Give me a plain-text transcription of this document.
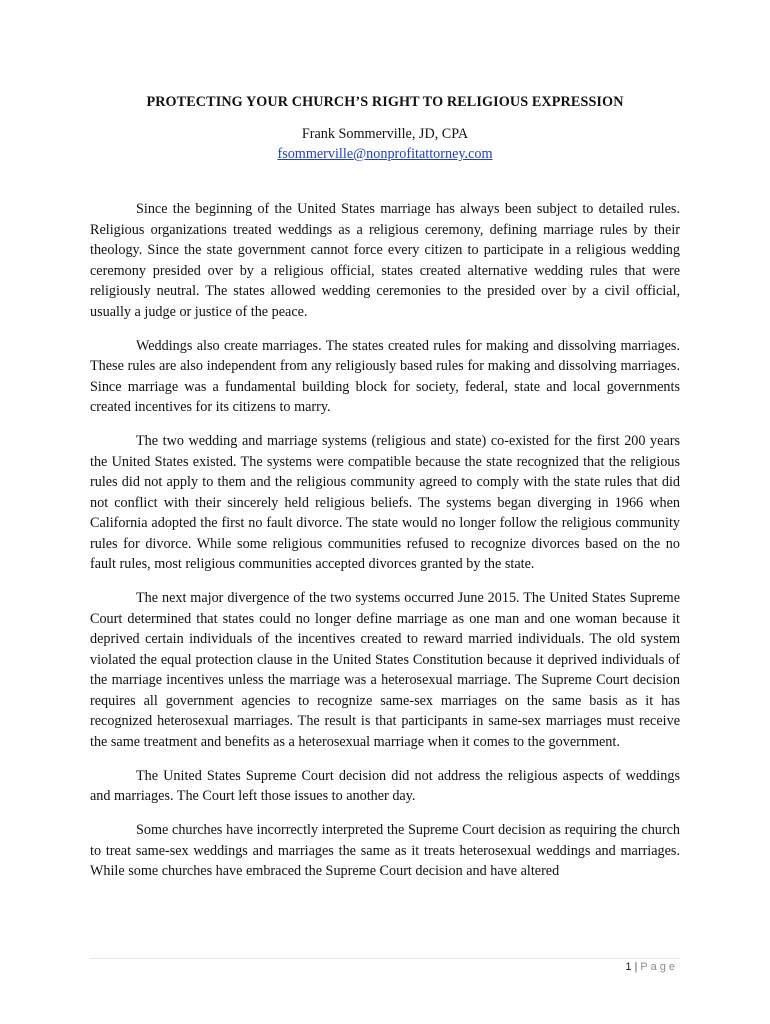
PROTECTING YOUR CHURCH’S RIGHT TO RELIGIOUS EXPRESSION
Frank Sommerville, JD, CPA
fsommerville@nonprofitattorney.com

Since the beginning of the United States marriage has always been subject to detailed rules. Religious organizations treated weddings as a religious ceremony, defining marriage rules by their theology. Since the state government cannot force every citizen to participate in a religious wedding ceremony presided over by a religious official, states created alternative wedding rules that were religiously neutral. The states allowed wedding ceremonies to the presided over by a civil official, usually a judge or justice of the peace.

Weddings also create marriages. The states created rules for making and dissolving marriages. These rules are also independent from any religiously based rules for making and dissolving marriages. Since marriage was a fundamental building block for society, federal, state and local governments created incentives for its citizens to marry.

The two wedding and marriage systems (religious and state) co-existed for the first 200 years the United States existed. The systems were compatible because the state recognized that the religious rules did not apply to them and the religious community agreed to comply with the state rules that did not conflict with their sincerely held religious beliefs. The systems began diverging in 1966 when California adopted the first no fault divorce. The state would no longer follow the religious community rules for divorce. While some religious communities refused to recognize divorces based on the no fault rules, most religious communities accepted divorces granted by the state.

The next major divergence of the two systems occurred June 2015. The United States Supreme Court determined that states could no longer define marriage as one man and one woman because it deprived certain individuals of the incentives created to reward married individuals. The old system violated the equal protection clause in the United States Constitution because it deprived individuals of the marriage incentives unless the marriage was a heterosexual marriage. The Supreme Court decision requires all government agencies to recognize same-sex marriages on the same basis as it has recognized heterosexual marriages. The result is that participants in same-sex marriages must receive the same treatment and benefits as a heterosexual marriage when it comes to the government.

The United States Supreme Court decision did not address the religious aspects of weddings and marriages. The Court left those issues to another day.

Some churches have incorrectly interpreted the Supreme Court decision as requiring the church to treat same-sex weddings and marriages the same as it treats heterosexual weddings and marriages. While some churches have embraced the Supreme Court decision and have altered

1 | Page
